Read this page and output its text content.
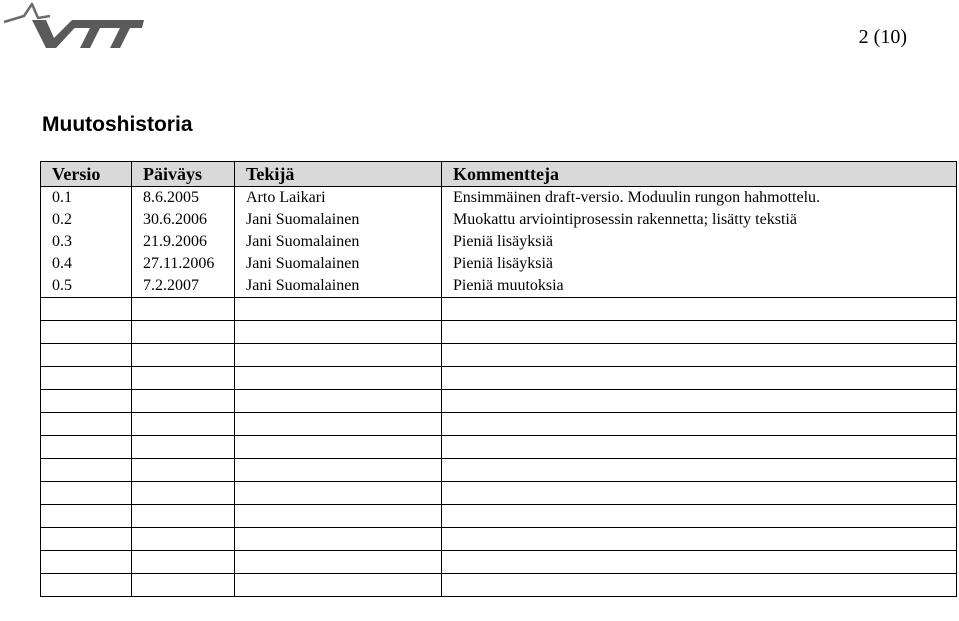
2 (10)
Muutoshistoria
Versio	Päiväys	Tekijä	Kommentteja
0.1	8.6.2005	Arto Laikari	Ensimmäinen draft-versio. Moduulin rungon hahmottelu.
0.2	30.6.2006	Jani Suomalainen	Muokattu arviointiprosessin rakennetta; lisätty tekstiä
0.3	21.9.2006	Jani Suomalainen	Pieniä lisäyksiä
0.4	27.11.2006	Jani Suomalainen	Pieniä lisäyksiä
0.5	7.2.2007	Jani Suomalainen	Pieniä muutoksia
